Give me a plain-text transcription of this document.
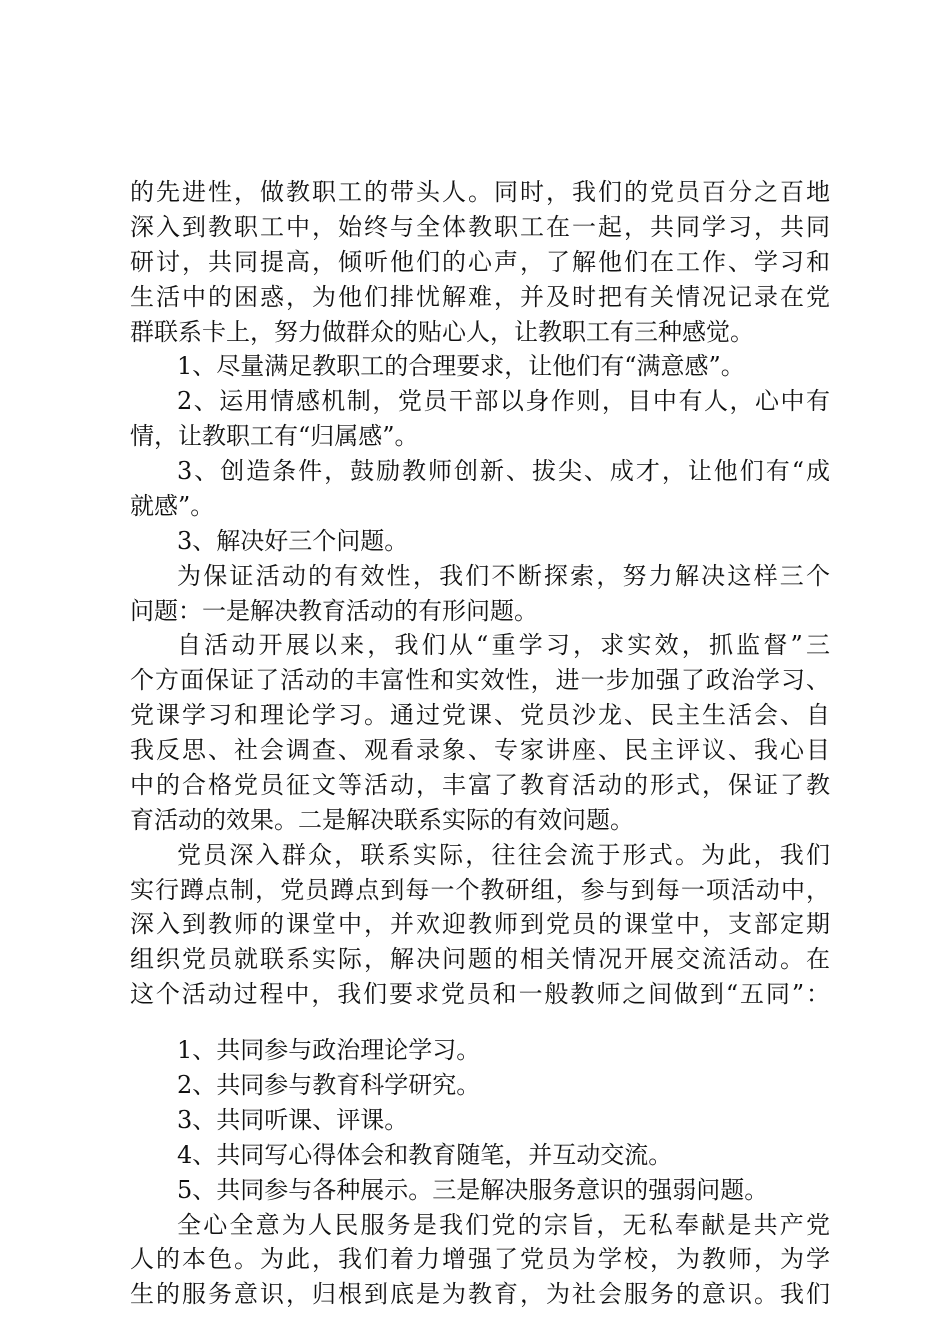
的先进性，做教职工的带头人。同时，我们的党员百分之百地
深入到教职工中，始终与全体教职工在一起，共同学习，共同
研讨，共同提高，倾听他们的心声，了解他们在工作、学习和
生活中的困惑，为他们排忧解难，并及时把有关情况记录在党
群联系卡上，努力做群众的贴心人，让教职工有三种感觉。
1、尽量满足教职工的合理要求，让他们有“满意感”。
2、运用情感机制，党员干部以身作则，目中有人，心中有
情，让教职工有“归属感”。
3、创造条件，鼓励教师创新、拔尖、成才，让他们有“成
就感”。
3、解决好三个问题。
为保证活动的有效性，我们不断探索，努力解决这样三个
问题：一是解决教育活动的有形问题。
自活动开展以来，我们从“重学习，求实效，抓监督”三
个方面保证了活动的丰富性和实效性，进一步加强了政治学习、
党课学习和理论学习。通过党课、党员沙龙、民主生活会、自
我反思、社会调查、观看录象、专家讲座、民主评议、我心目
中的合格党员征文等活动，丰富了教育活动的形式，保证了教
育活动的效果。二是解决联系实际的有效问题。
党员深入群众，联系实际，往往会流于形式。为此，我们
实行蹲点制，党员蹲点到每一个教研组，参与到每一项活动中，
深入到教师的课堂中，并欢迎教师到党员的课堂中，支部定期
组织党员就联系实际，解决问题的相关情况开展交流活动。在
这个活动过程中，我们要求党员和一般教师之间做到“五同”：
1、共同参与政治理论学习。
2、共同参与教育科学研究。
3、共同听课、评课。
4、共同写心得体会和教育随笔，并互动交流。
5、共同参与各种展示。三是解决服务意识的强弱问题。
全心全意为人民服务是我们党的宗旨，无私奉献是共产党
人的本色。为此，我们着力增强了党员为学校，为教师，为学
生的服务意识，归根到底是为教育，为社会服务的意识。我们
